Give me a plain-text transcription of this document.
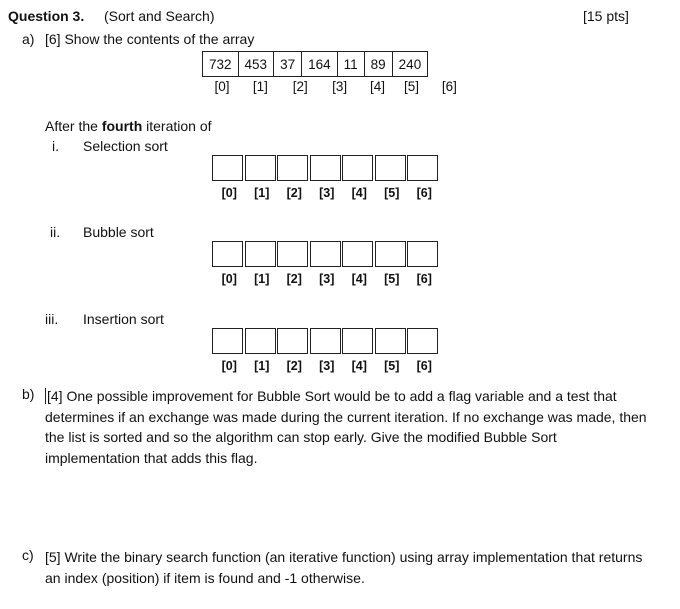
Question 3. (Sort and Search)	[15 pts]
a) [6] Show the contents of the array
732	453	37	164	11	89	240
[0] [1] [2] [3] [4] [5] [6]
After the fourth iteration of
i. Selection sort
[0]	[1]	[2]	[3]	[4]	[5]	[6]
ii. Bubble sort
[0]	[1]	[2]	[3]	[4]	[5]	[6]
iii. Insertion sort
[0]	[1]	[2]	[3]	[4]	[5]	[6]
b) [4] One possible improvement for Bubble Sort would be to add a flag variable and a test that determines if an exchange was made during the current iteration. If no exchange was made, then the list is sorted and so the algorithm can stop early. Give the modified Bubble Sort implementation that adds this flag.
c) [5] Write the binary search function (an iterative function) using array implementation that returns an index (position) if item is found and -1 otherwise.
